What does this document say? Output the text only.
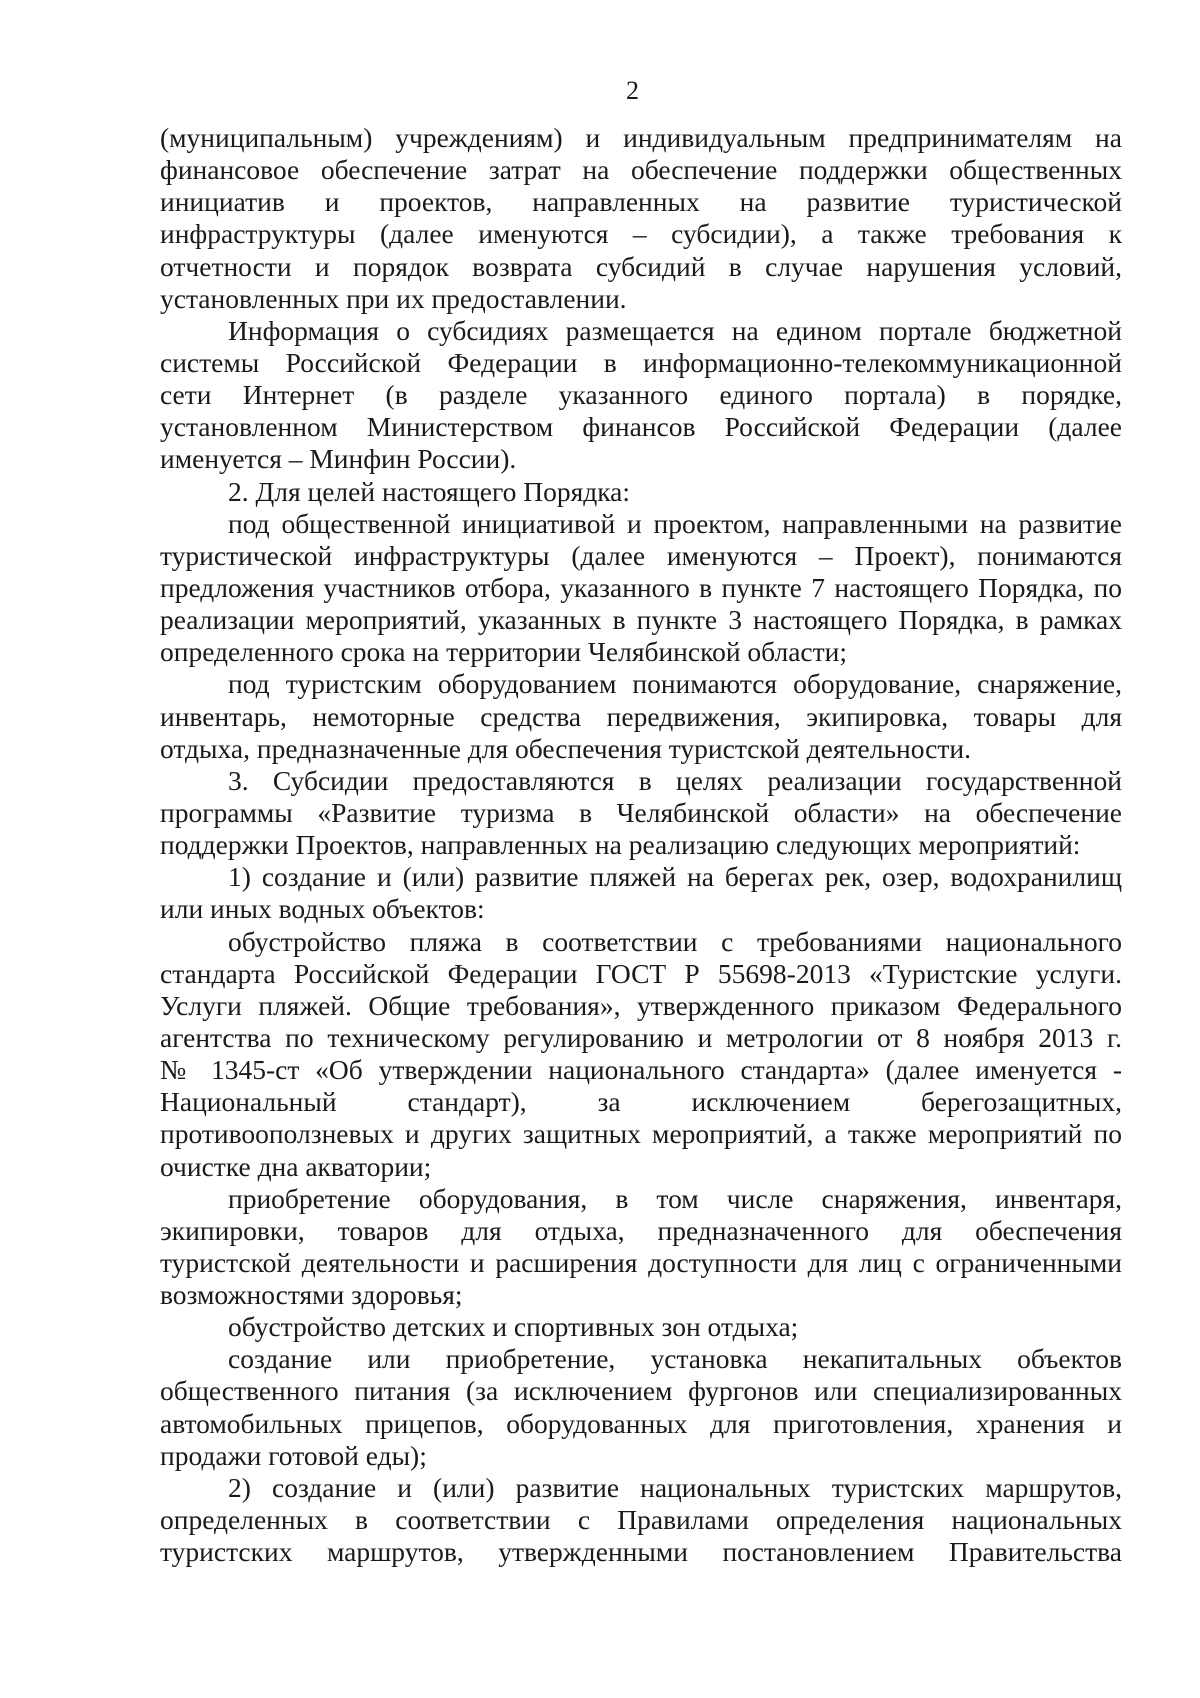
2
(муниципальным) учреждениям) и индивидуальным предпринимателям на
финансовое обеспечение затрат на обеспечение поддержки общественных
инициатив и проектов, направленных на развитие туристической
инфраструктуры (далее именуются – субсидии), а также требования к
отчетности и порядок возврата субсидий в случае нарушения условий,
установленных при их предоставлении.
Информация о субсидиях размещается на едином портале бюджетной
системы Российской Федерации в информационно-телекоммуникационной
сети Интернет (в разделе указанного единого портала) в порядке,
установленном Министерством финансов Российской Федерации (далее
именуется – Минфин России).
2. Для целей настоящего Порядка:
под общественной инициативой и проектом, направленными на развитие
туристической инфраструктуры (далее именуются – Проект), понимаются
предложения участников отбора, указанного в пункте 7 настоящего Порядка, по
реализации мероприятий, указанных в пункте 3 настоящего Порядка, в рамках
определенного срока на территории Челябинской области;
под туристским оборудованием понимаются оборудование, снаряжение,
инвентарь, немоторные средства передвижения, экипировка, товары для
отдыха, предназначенные для обеспечения туристской деятельности.
3. Субсидии предоставляются в целях реализации государственной
программы «Развитие туризма в Челябинской области» на обеспечение
поддержки Проектов, направленных на реализацию следующих мероприятий:
1) создание и (или) развитие пляжей на берегах рек, озер, водохранилищ
или иных водных объектов:
обустройство пляжа в соответствии с требованиями национального
стандарта Российской Федерации ГОСТ Р 55698-2013 «Туристские услуги.
Услуги пляжей. Общие требования», утвержденного приказом Федерального
агентства по техническому регулированию и метрологии от 8 ноября 2013 г.
№ 1345-ст «Об утверждении национального стандарта» (далее именуется -
Национальный стандарт), за исключением берегозащитных,
противооползневых и других защитных мероприятий, а также мероприятий по
очистке дна акватории;
приобретение оборудования, в том числе снаряжения, инвентаря,
экипировки, товаров для отдыха, предназначенного для обеспечения
туристской деятельности и расширения доступности для лиц с ограниченными
возможностями здоровья;
обустройство детских и спортивных зон отдыха;
создание или приобретение, установка некапитальных объектов
общественного питания (за исключением фургонов или специализированных
автомобильных прицепов, оборудованных для приготовления, хранения и
продажи готовой еды);
2) создание и (или) развитие национальных туристских маршрутов,
определенных в соответствии с Правилами определения национальных
туристских маршрутов, утвержденными постановлением Правительства
